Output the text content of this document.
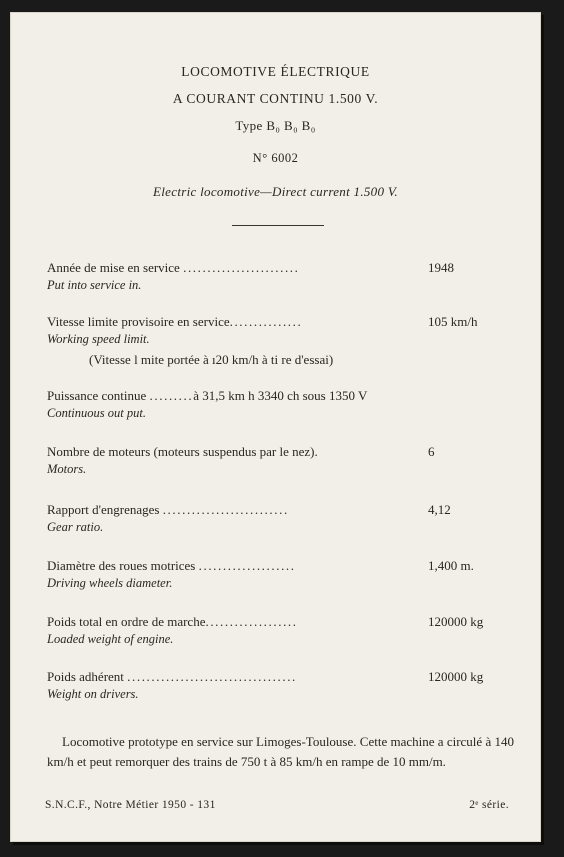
LOCOMOTIVE ÉLECTRIQUE
A COURANT CONTINU 1.500 V.
Type B₀ B₀ B₀
N° 6002
Electric locomotive—Direct current 1.500 V.
Année de mise en service ........................	1948
Put into service in.
Vitesse limite provisoire en service...............	105 km/h
Working speed limit.
(Vitesse l mite portée à ı20 km/h à ti re d'essai)
Puissance continue .........à 31,5 km h 3340 ch sous 1350 V
Continuous out put.
Nombre de moteurs (moteurs suspendus par le nez).	6
Motors.
Rapport d'engrenages ..........................	4,12
Gear ratio.
Diamètre des roues motrices ....................	1,400 m.
Driving wheels diameter.
Poids total en ordre de marche...................	120000 kg
Loaded weight of engine.
Poids adhérent ...................................	120000 kg
Weight on drivers.
Locomotive prototype en service sur Limoges-Toulouse. Cette machine a circulé à 140 km/h et peut remorquer des trains de 750 t à 85 km/h en rampe de 10 mm/m.
S.N.C.F., Notre Métier 1950 - 131	2ᵉ série.
